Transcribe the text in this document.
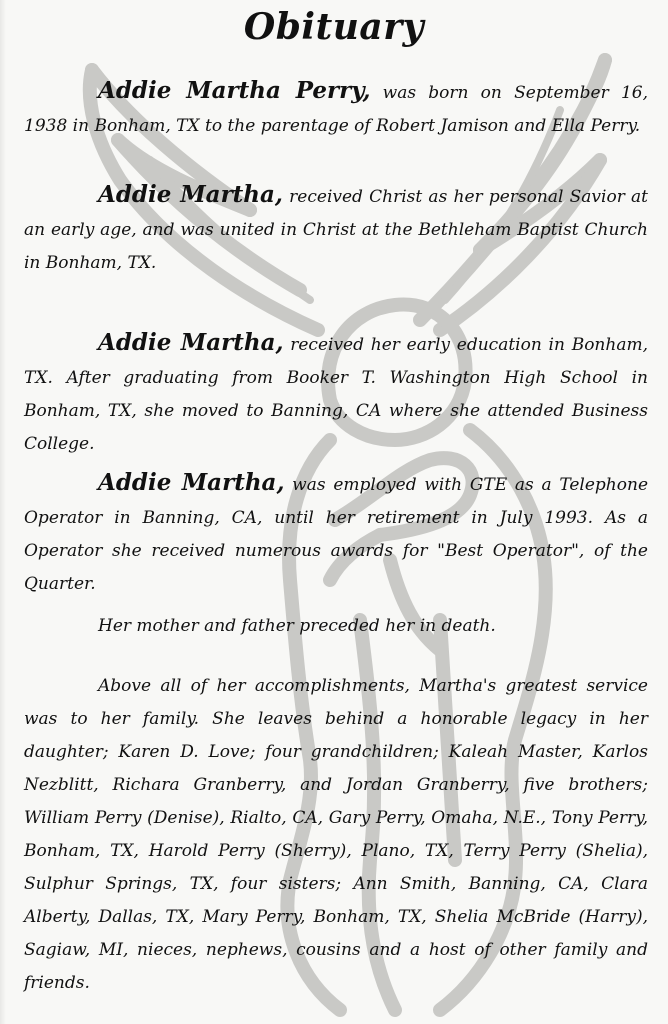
Obituary

Addie Martha Perry, was born on September 16, 1938 in Bonham, TX to the parentage of Robert Jamison and Ella Perry.

Addie Martha, received Christ as her personal Savior at an early age, and was united in Christ at the Bethleham Baptist Church in Bonham, TX.

Addie Martha, received her early education in Bonham, TX. After graduating from Booker T. Washington High School in Bonham, TX, she moved to Banning, CA where she attended Business College.

Addie Martha, was employed with GTE as a Telephone Operator in Banning, CA, until her retirement in July 1993. As a Operator she received numerous awards for "Best Operator", of the Quarter.

Her mother and father preceded her in death.

Above all of her accomplishments, Martha's greatest service was to her family. She leaves behind a honorable legacy in her daughter; Karen D. Love; four grandchildren; Kaleah Master, Karlos Nezblitt, Richara Granberry, and Jordan Granberry, five brothers; William Perry (Denise), Rialto, CA, Gary Perry, Omaha, N.E., Tony Perry, Bonham, TX, Harold Perry (Sherry), Plano, TX, Terry Perry (Shelia), Sulphur Springs, TX, four sisters; Ann Smith, Banning, CA, Clara Alberty, Dallas, TX, Mary Perry, Bonham, TX, Shelia McBride (Harry), Sagiaw, MI, nieces, nephews, cousins and a host of other family and friends.
